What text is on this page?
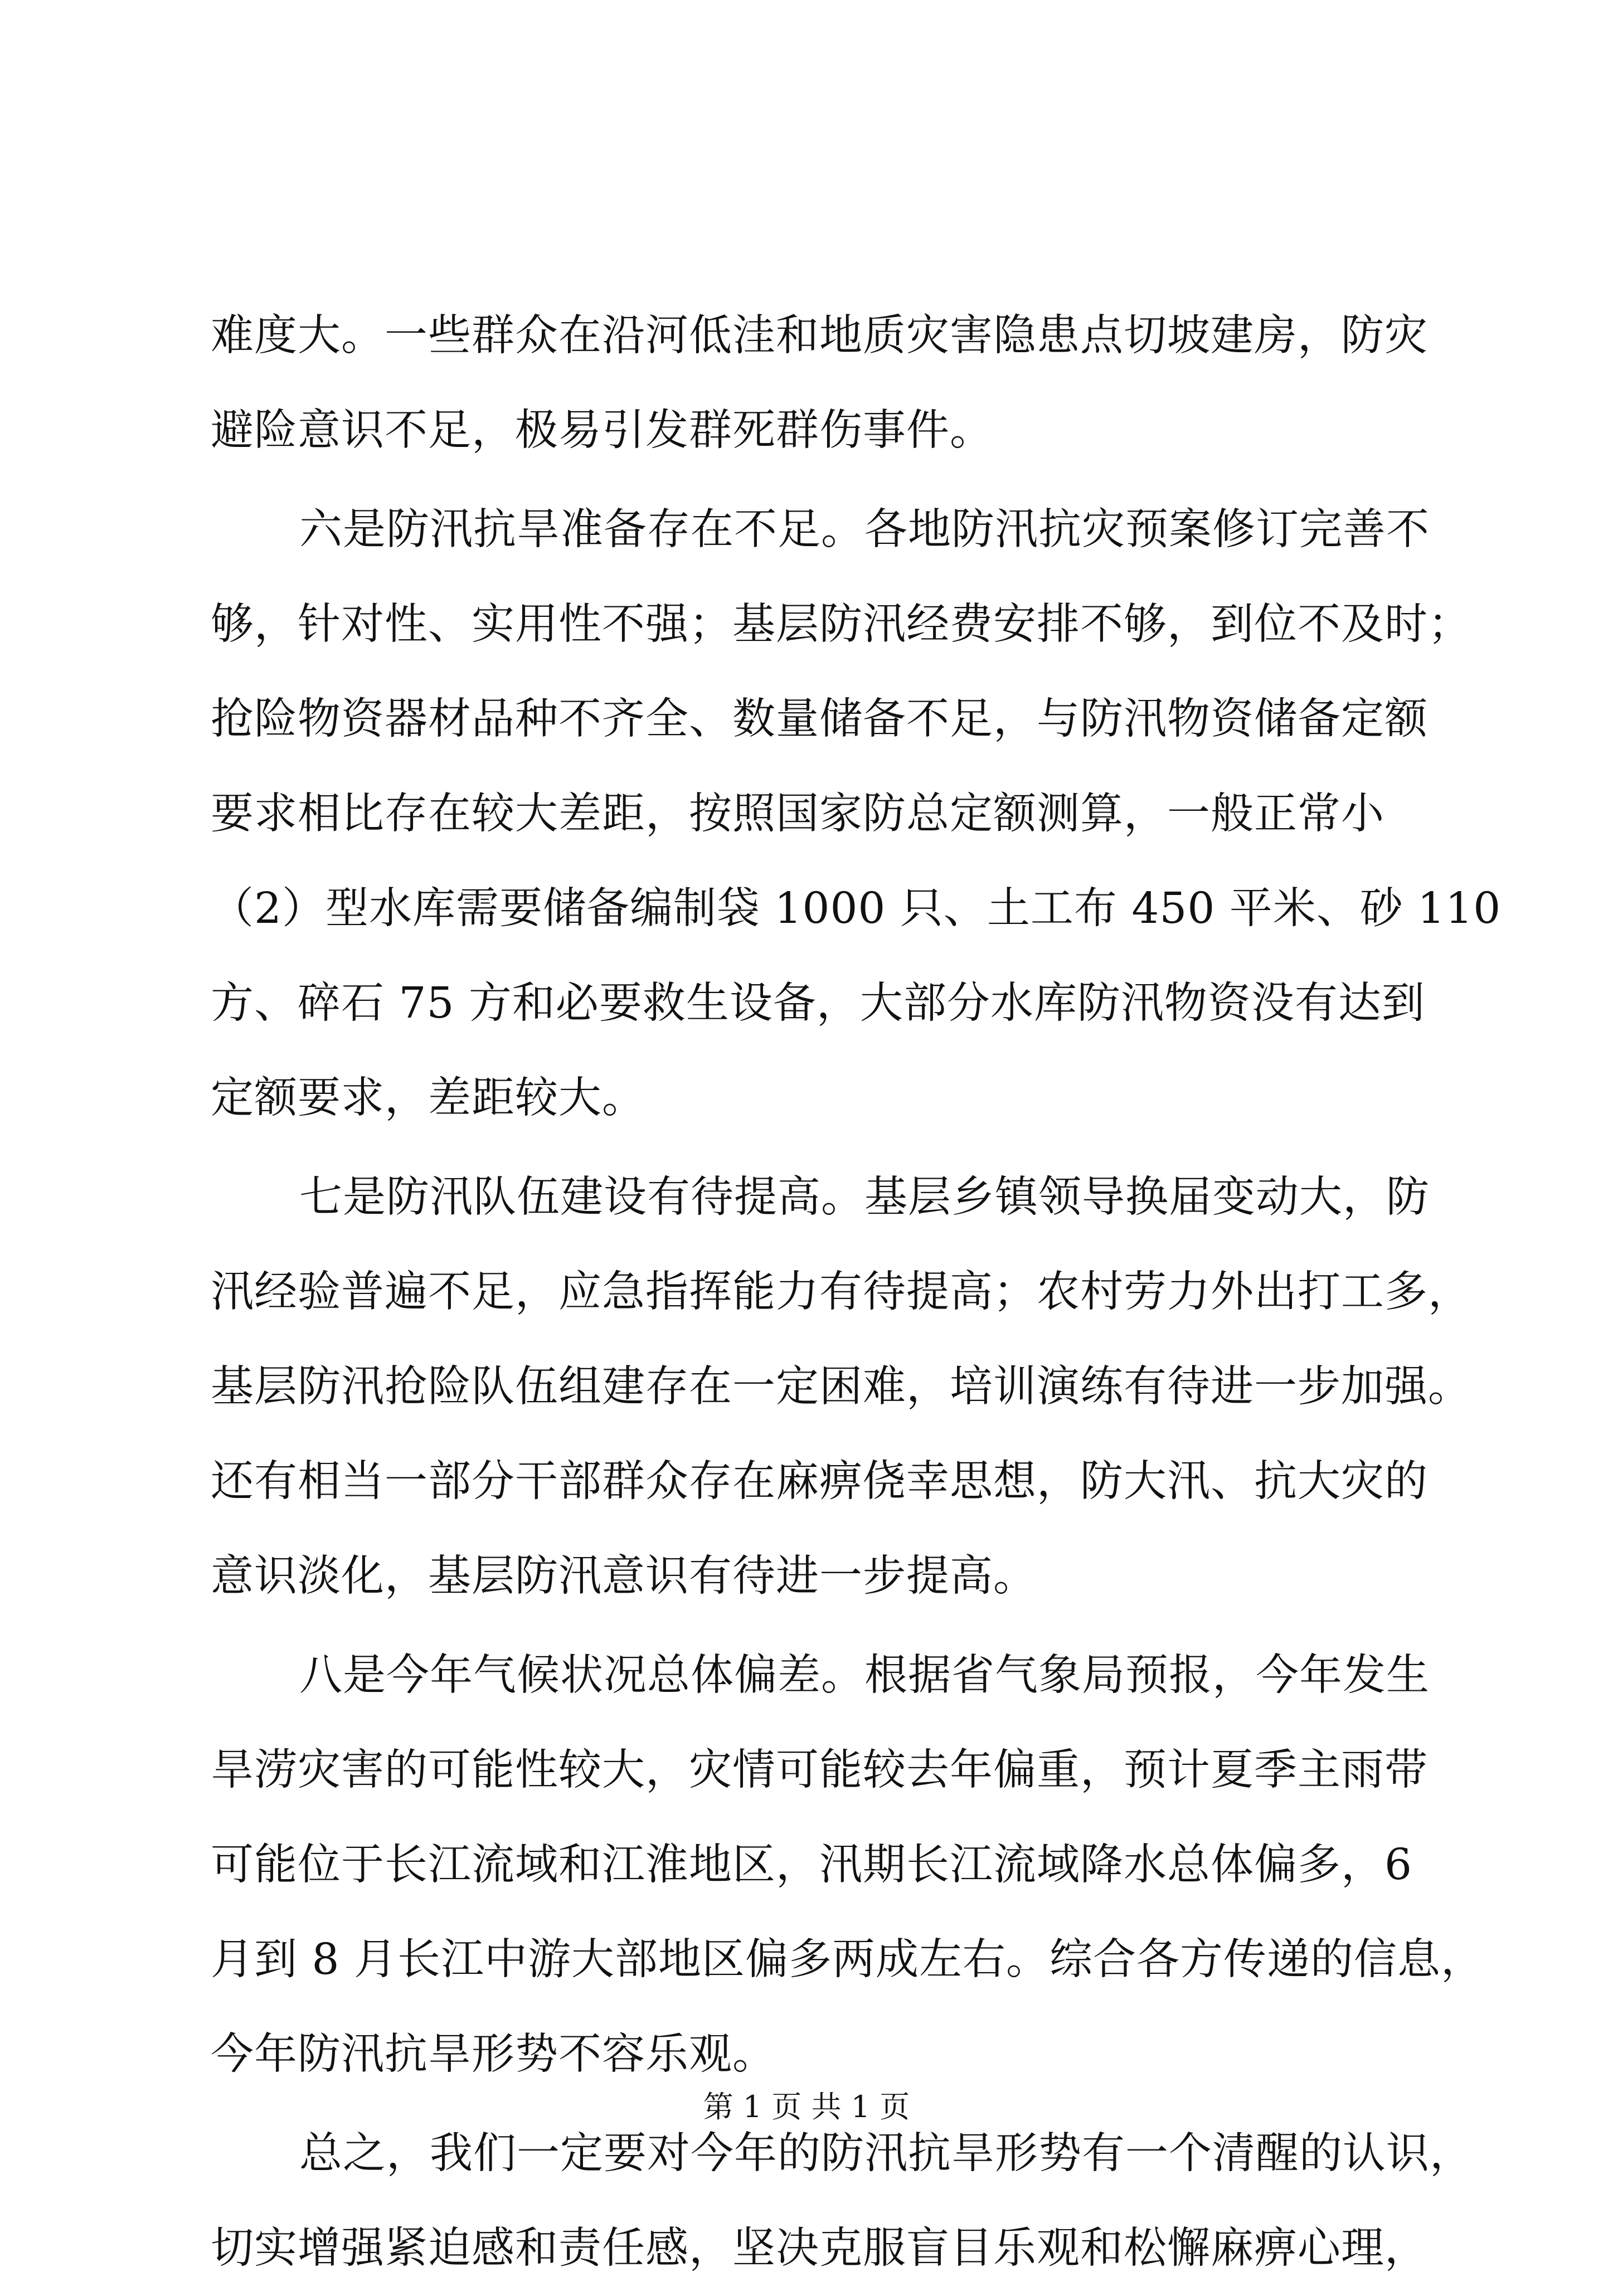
难度大。一些群众在沿河低洼和地质灾害隐患点切坡建房，防灾
避险意识不足，极易引发群死群伤事件。
六是防汛抗旱准备存在不足。各地防汛抗灾预案修订完善不
够，针对性、实用性不强；基层防汛经费安排不够，到位不及时；
抢险物资器材品种不齐全、数量储备不足，与防汛物资储备定额
要求相比存在较大差距，按照国家防总定额测算，一般正常小
（2）型水库需要储备编制袋 1000 只、土工布 450 平米、砂 110
方、碎石 75 方和必要救生设备，大部分水库防汛物资没有达到
定额要求，差距较大。
七是防汛队伍建设有待提高。基层乡镇领导换届变动大，防
汛经验普遍不足，应急指挥能力有待提高；农村劳力外出打工多，
基层防汛抢险队伍组建存在一定困难，培训演练有待进一步加强。
还有相当一部分干部群众存在麻痹侥幸思想，防大汛、抗大灾的
意识淡化，基层防汛意识有待进一步提高。
八是今年气候状况总体偏差。根据省气象局预报，今年发生
旱涝灾害的可能性较大，灾情可能较去年偏重，预计夏季主雨带
可能位于长江流域和江淮地区，汛期长江流域降水总体偏多，6
月到 8 月长江中游大部地区偏多两成左右。综合各方传递的信息，
今年防汛抗旱形势不容乐观。
总之，我们一定要对今年的防汛抗旱形势有一个清醒的认识，
切实增强紧迫感和责任感，坚决克服盲目乐观和松懈麻痹心理，
第 1 页 共 1 页
